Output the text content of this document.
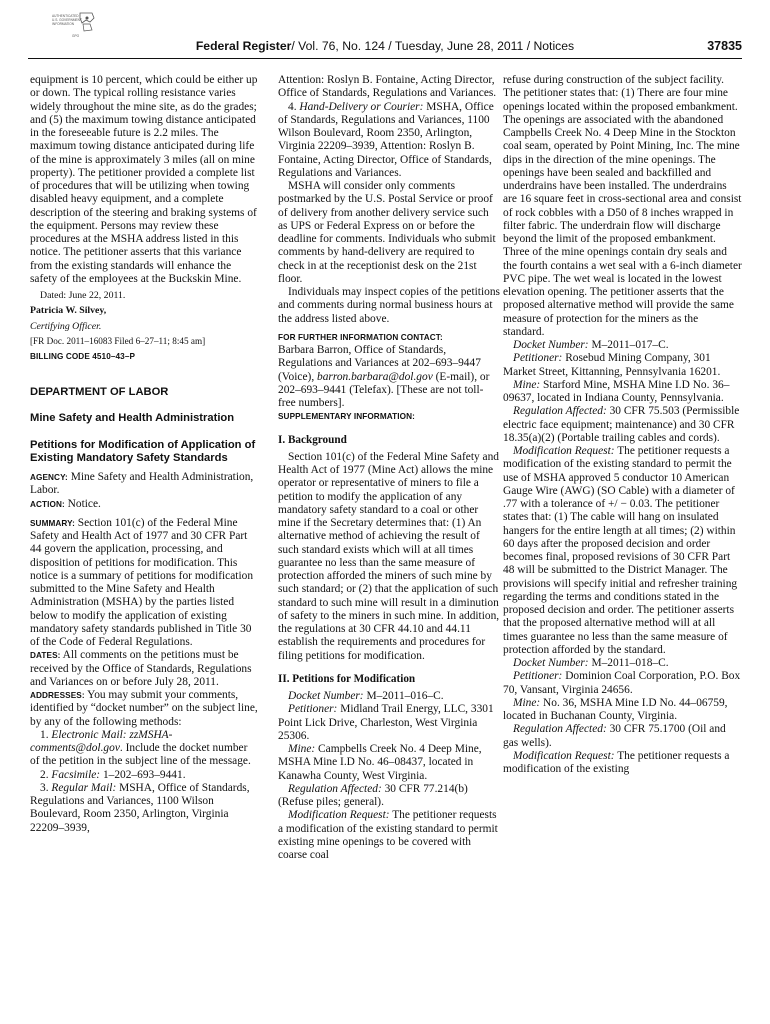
AUTHENTICATED
U.S. GOVERNMENT
INFORMATION
GPO
Federal Register/ Vol. 76, No. 124 / Tuesday, June 28, 2011 / Notices	37835

equipment is 10 percent, which could be either up or down. The typical rolling resistance varies widely throughout the mine site, as do the grades; and (5) the maximum towing distance anticipated in the foreseeable future is 2.2 miles. The maximum towing distance anticipated during life of the mine is approximately 3 miles (all on mine property). The petitioner provided a complete list of procedures that will be utilizing when towing disabled heavy equipment, and a complete description of the steering and braking systems of the equipment. Persons may review these procedures at the MSHA address listed in this notice. The petitioner asserts that this variance from the existing standards will enhance the safety of the employees at the Buckskin Mine.

Dated: June 22, 2011.

Patricia W. Silvey,

Certifying Officer.

[FR Doc. 2011–16083 Filed 6–27–11; 8:45 am]

BILLING CODE 4510–43–P

DEPARTMENT OF LABOR

Mine Safety and Health Administration

Petitions for Modification of Application of Existing Mandatory Safety Standards

AGENCY: Mine Safety and Health Administration, Labor.

ACTION: Notice.

SUMMARY: Section 101(c) of the Federal Mine Safety and Health Act of 1977 and 30 CFR Part 44 govern the application, processing, and disposition of petitions for modification. This notice is a summary of petitions for modification submitted to the Mine Safety and Health Administration (MSHA) by the parties listed below to modify the application of existing mandatory safety standards published in Title 30 of the Code of Federal Regulations.

DATES: All comments on the petitions must be received by the Office of Standards, Regulations and Variances on or before July 28, 2011.

ADDRESSES: You may submit your comments, identified by “docket number” on the subject line, by any of the following methods:

1. Electronic Mail: zzMSHA-comments@dol.gov. Include the docket number of the petition in the subject line of the message.

2. Facsimile: 1–202–693–9441.

3. Regular Mail: MSHA, Office of Standards, Regulations and Variances, 1100 Wilson Boulevard, Room 2350, Arlington, Virginia 22209–3939,

Attention: Roslyn B. Fontaine, Acting Director, Office of Standards, Regulations and Variances.

4. Hand-Delivery or Courier: MSHA, Office of Standards, Regulations and Variances, 1100 Wilson Boulevard, Room 2350, Arlington, Virginia 22209–3939, Attention: Roslyn B. Fontaine, Acting Director, Office of Standards, Regulations and Variances.

MSHA will consider only comments postmarked by the U.S. Postal Service or proof of delivery from another delivery service such as UPS or Federal Express on or before the deadline for comments. Individuals who submit comments by hand-delivery are required to check in at the receptionist desk on the 21st floor.

Individuals may inspect copies of the petitions and comments during normal business hours at the address listed above.

FOR FURTHER INFORMATION CONTACT:

Barbara Barron, Office of Standards, Regulations and Variances at 202–693–9447 (Voice), barron.barbara@dol.gov (E-mail), or 202–693–9441 (Telefax). [These are not toll-free numbers].

SUPPLEMENTARY INFORMATION:

I. Background

Section 101(c) of the Federal Mine Safety and Health Act of 1977 (Mine Act) allows the mine operator or representative of miners to file a petition to modify the application of any mandatory safety standard to a coal or other mine if the Secretary determines that: (1) An alternative method of achieving the result of such standard exists which will at all times guarantee no less than the same measure of protection afforded the miners of such mine by such standard; or (2) that the application of such standard to such mine will result in a diminution of safety to the miners in such mine. In addition, the regulations at 30 CFR 44.10 and 44.11 establish the requirements and procedures for filing petitions for modification.

II. Petitions for Modification

Docket Number: M–2011–016–C.

Petitioner: Midland Trail Energy, LLC, 3301 Point Lick Drive, Charleston, West Virginia 25306.

Mine: Campbells Creek No. 4 Deep Mine, MSHA Mine I.D No. 46–08437, located in Kanawha County, West Virginia.

Regulation Affected: 30 CFR 77.214(b) (Refuse piles; general).

Modification Request: The petitioner requests a modification of the existing standard to permit existing mine openings to be covered with coarse coal

refuse during construction of the subject facility. The petitioner states that: (1) There are four mine openings located within the proposed embankment. The openings are associated with the abandoned Campbells Creek No. 4 Deep Mine in the Stockton coal seam, operated by Point Mining, Inc. The mine dips in the direction of the mine openings. The openings have been sealed and backfilled and underdrains have been installed. The underdrains are 16 square feet in cross-sectional area and consist of rock cobbles with a D50 of 8 inches wrapped in filter fabric. The underdrain flow will discharge beyond the limit of the proposed embankment. Three of the mine openings contain dry seals and the fourth contains a wet seal with a 6-inch diameter PVC pipe. The wet weal is located in the lowest elevation opening. The petitioner asserts that the proposed alternative method will provide the same measure of protection for the miners as the standard.

Docket Number: M–2011–017–C.

Petitioner: Rosebud Mining Company, 301 Market Street, Kittanning, Pennsylvania 16201.

Mine: Starford Mine, MSHA Mine I.D No. 36–09637, located in Indiana County, Pennsylvania.

Regulation Affected: 30 CFR 75.503 (Permissible electric face equipment; maintenance) and 30 CFR 18.35(a)(2) (Portable trailing cables and cords).

Modification Request: The petitioner requests a modification of the existing standard to permit the use of MSHA approved 5 conductor 10 American Gauge Wire (AWG) (SO Cable) with a diameter of .77 with a tolerance of +/ − 0.03. The petitioner states that: (1) The cable will hang on insulated hangers for the entire length at all times; (2) within 60 days after the proposed decision and order becomes final, proposed revisions of 30 CFR Part 48 will be submitted to the District Manager. The provisions will specify initial and refresher training regarding the terms and conditions stated in the proposed decision and order. The petitioner asserts that the proposed alternative method will at all times guarantee no less than the same measure of protection afforded by the standard.

Docket Number: M–2011–018–C.

Petitioner: Dominion Coal Corporation, P.O. Box 70, Vansant, Virginia 24656.

Mine: No. 36, MSHA Mine I.D No. 44–06759, located in Buchanan County, Virginia.

Regulation Affected: 30 CFR 75.1700 (Oil and gas wells).

Modification Request: The petitioner requests a modification of the existing
